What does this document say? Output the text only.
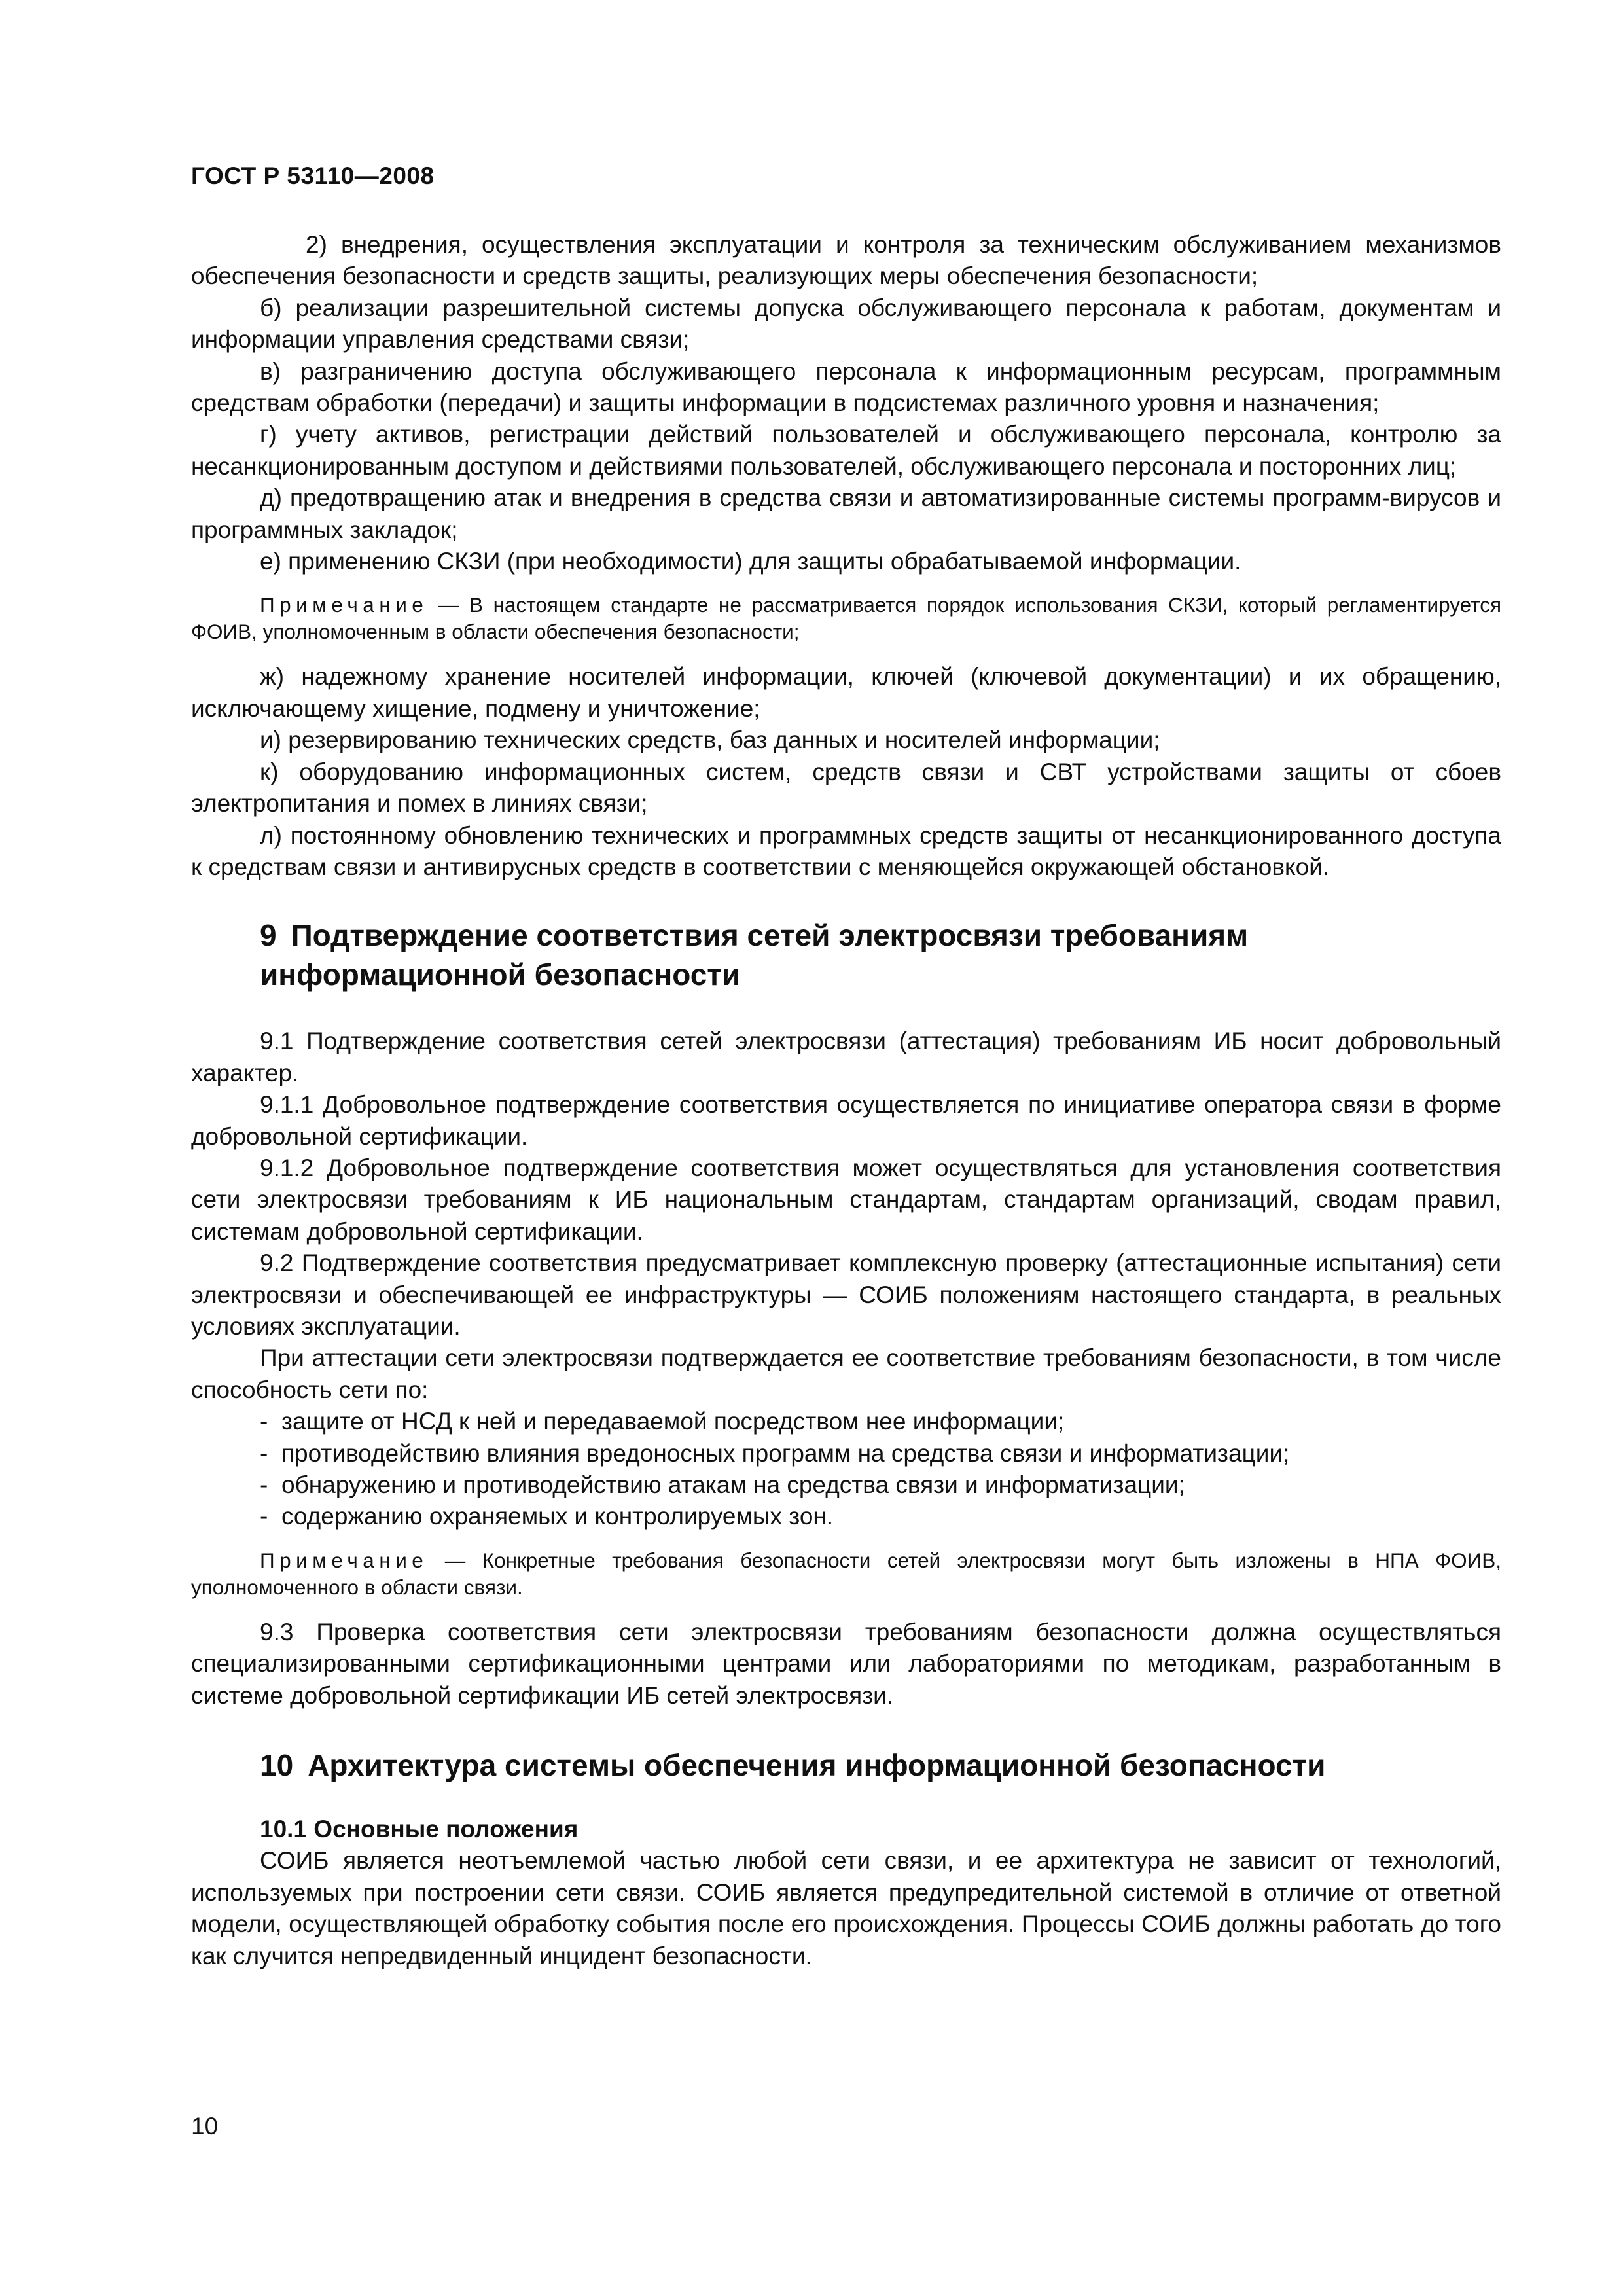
ГОСТ Р 53110—2008

2) внедрения, осуществления эксплуатации и контроля за техническим обслуживанием механизмов обеспечения безопасности и средств защиты, реализующих меры обеспечения безопасности;

б) реализации разрешительной системы допуска обслуживающего персонала к работам, документам и информации управления средствами связи;

в) разграничению доступа обслуживающего персонала к информационным ресурсам, программным средствам обработки (передачи) и защиты информации в подсистемах различного уровня и назначения;

г) учету активов, регистрации действий пользователей и обслуживающего персонала, контролю за несанкционированным доступом и действиями пользователей, обслуживающего персонала и посторонних лиц;

д) предотвращению атак и внедрения в средства связи и автоматизированные системы программ-вирусов и программных закладок;

е) применению СКЗИ (при необходимости) для защиты обрабатываемой информации.

Примечание — В настоящем стандарте не рассматривается порядок использования СКЗИ, который регламентируется ФОИВ, уполномоченным в области обеспечения безопасности;

ж) надежному хранение носителей информации, ключей (ключевой документации) и их обращению, исключающему хищение, подмену и уничтожение;

и) резервированию технических средств, баз данных и носителей информации;

к) оборудованию информационных систем, средств связи и СВТ устройствами защиты от сбоев электропитания и помех в линиях связи;

л) постоянному обновлению технических и программных средств защиты от несанкционированного доступа к средствам связи и антивирусных средств в соответствии с меняющейся окружающей обстановкой.

9 Подтверждение соответствия сетей электросвязи требованиям
информационной безопасности

9.1 Подтверждение соответствия сетей электросвязи (аттестация) требованиям ИБ носит добровольный характер.

9.1.1 Добровольное подтверждение соответствия осуществляется по инициативе оператора связи в форме добровольной сертификации.

9.1.2 Добровольное подтверждение соответствия может осуществляться для установления соответствия сети электросвязи требованиям к ИБ национальным стандартам, стандартам организаций, сводам правил, системам добровольной сертификации.

9.2 Подтверждение соответствия предусматривает комплексную проверку (аттестационные испытания) сети электросвязи и обеспечивающей ее инфраструктуры — СОИБ положениям настоящего стандарта, в реальных условиях эксплуатации.

При аттестации сети электросвязи подтверждается ее соответствие требованиям безопасности, в том числе способность сети по:

- защите от НСД к ней и передаваемой посредством нее информации;

- противодействию влияния вредоносных программ на средства связи и информатизации;

- обнаружению и противодействию атакам на средства связи и информатизации;

- содержанию охраняемых и контролируемых зон.

Примечание — Конкретные требования безопасности сетей электросвязи могут быть изложены в НПА ФОИВ, уполномоченного в области связи.

9.3 Проверка соответствия сети электросвязи требованиям безопасности должна осуществляться специализированными сертификационными центрами или лабораториями по методикам, разработанным в системе добровольной сертификации ИБ сетей электросвязи.

10 Архитектура системы обеспечения информационной безопасности
10.1 Основные положения

СОИБ является неотъемлемой частью любой сети связи, и ее архитектура не зависит от технологий, используемых при построении сети связи. СОИБ является предупредительной системой в отличие от ответной модели, осуществляющей обработку события после его происхождения. Процессы СОИБ должны работать до того как случится непредвиденный инцидент безопасности.

10
